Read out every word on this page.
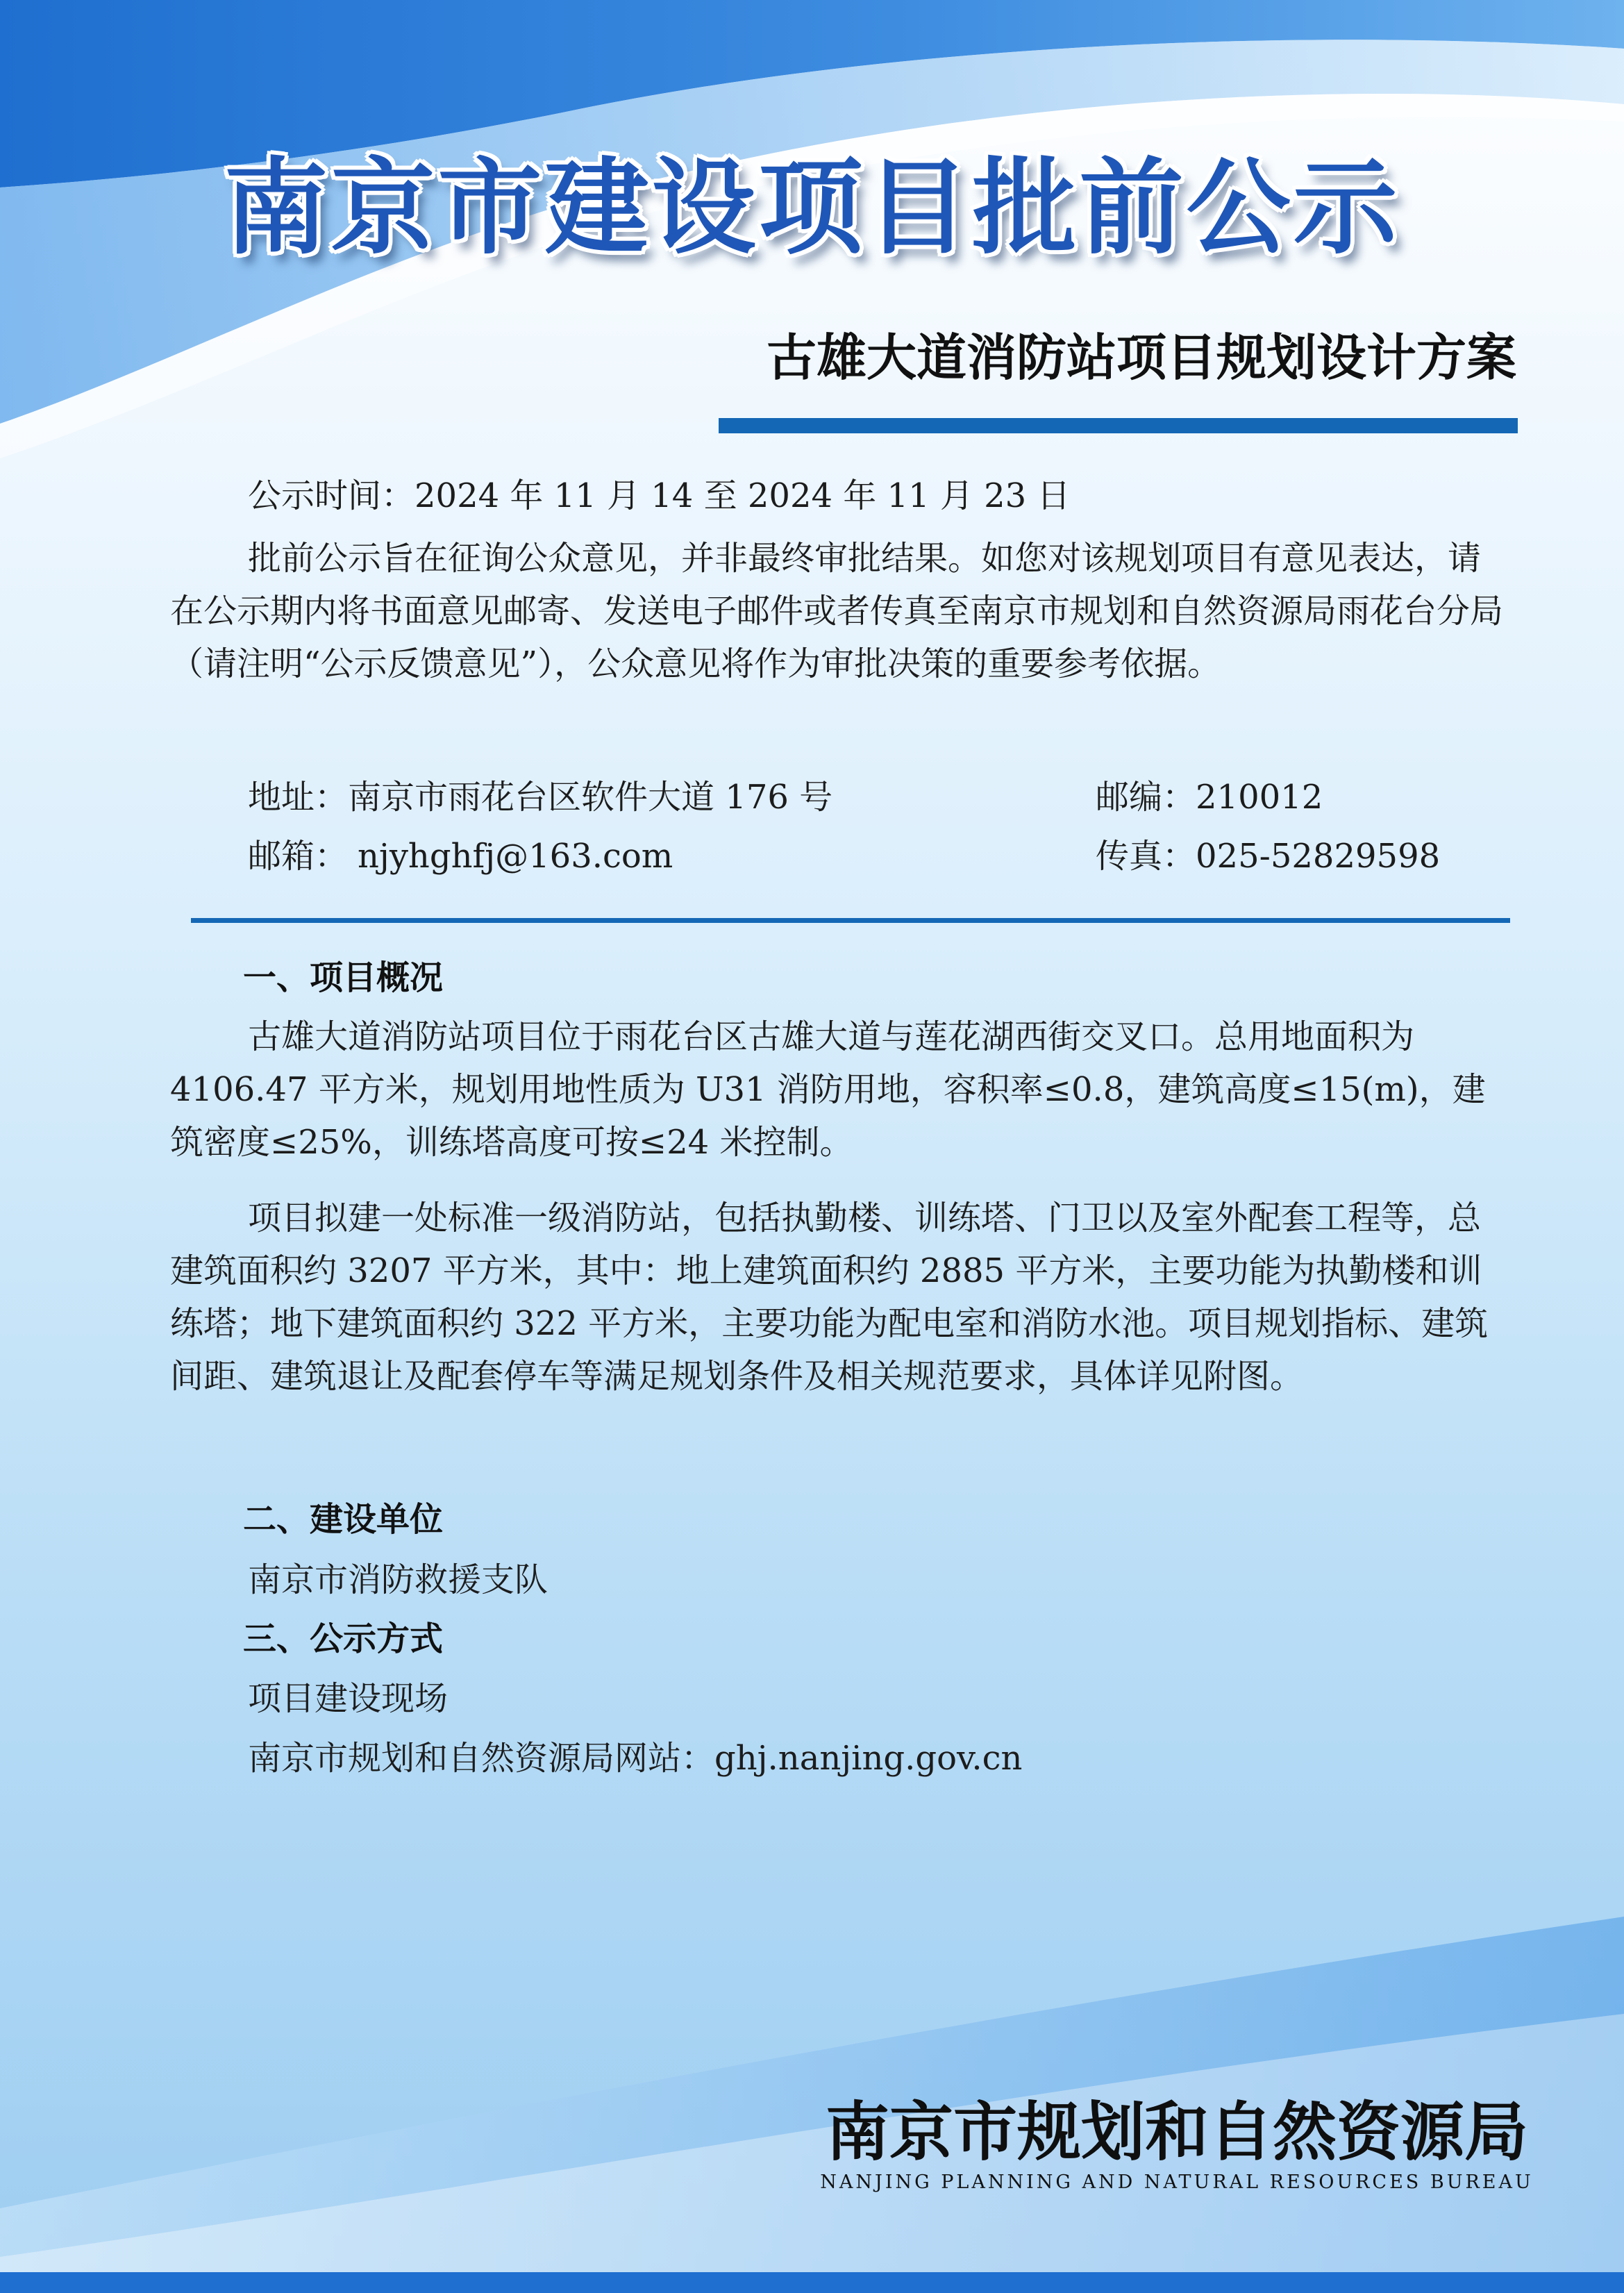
南京市建设项目批前公示
古雄大道消防站项目规划设计方案
公示时间：2024 年 11 月 14 至 2024 年 11 月 23 日

批前公示旨在征询公众意见，并非最终审批结果。如您对该规划项目有意见表达，请在公示期内将书面意见邮寄、发送电子邮件或者传真至南京市规划和自然资源局雨花台分局（请注明“公示反馈意见”），公众意见将作为审批决策的重要参考依据。

地址：南京市雨花台区软件大道 176 号	邮编：210012
邮箱： njyhghfj@163.com	传真：025-52829598
一、项目概况

古雄大道消防站项目位于雨花台区古雄大道与莲花湖西街交叉口。总用地面积为 4106.47 平方米，规划用地性质为 U31 消防用地，容积率≤0.8，建筑高度≤15(m)，建筑密度≤25%，训练塔高度可按≤24 米控制。

项目拟建一处标准一级消防站，包括执勤楼、训练塔、门卫以及室外配套工程等，总建筑面积约 3207 平方米，其中：地上建筑面积约 2885 平方米，主要功能为执勤楼和训练塔；地下建筑面积约 322 平方米，主要功能为配电室和消防水池。项目规划指标、建筑间距、建筑退让及配套停车等满足规划条件及相关规范要求，具体详见附图。

二、建设单位
南京市消防救援支队
三、公示方式
项目建设现场
南京市规划和自然资源局网站：ghj.nanjing.gov.cn
南京市规划和自然资源局
NANJING PLANNING AND NATURAL RESOURCES BUREAU
